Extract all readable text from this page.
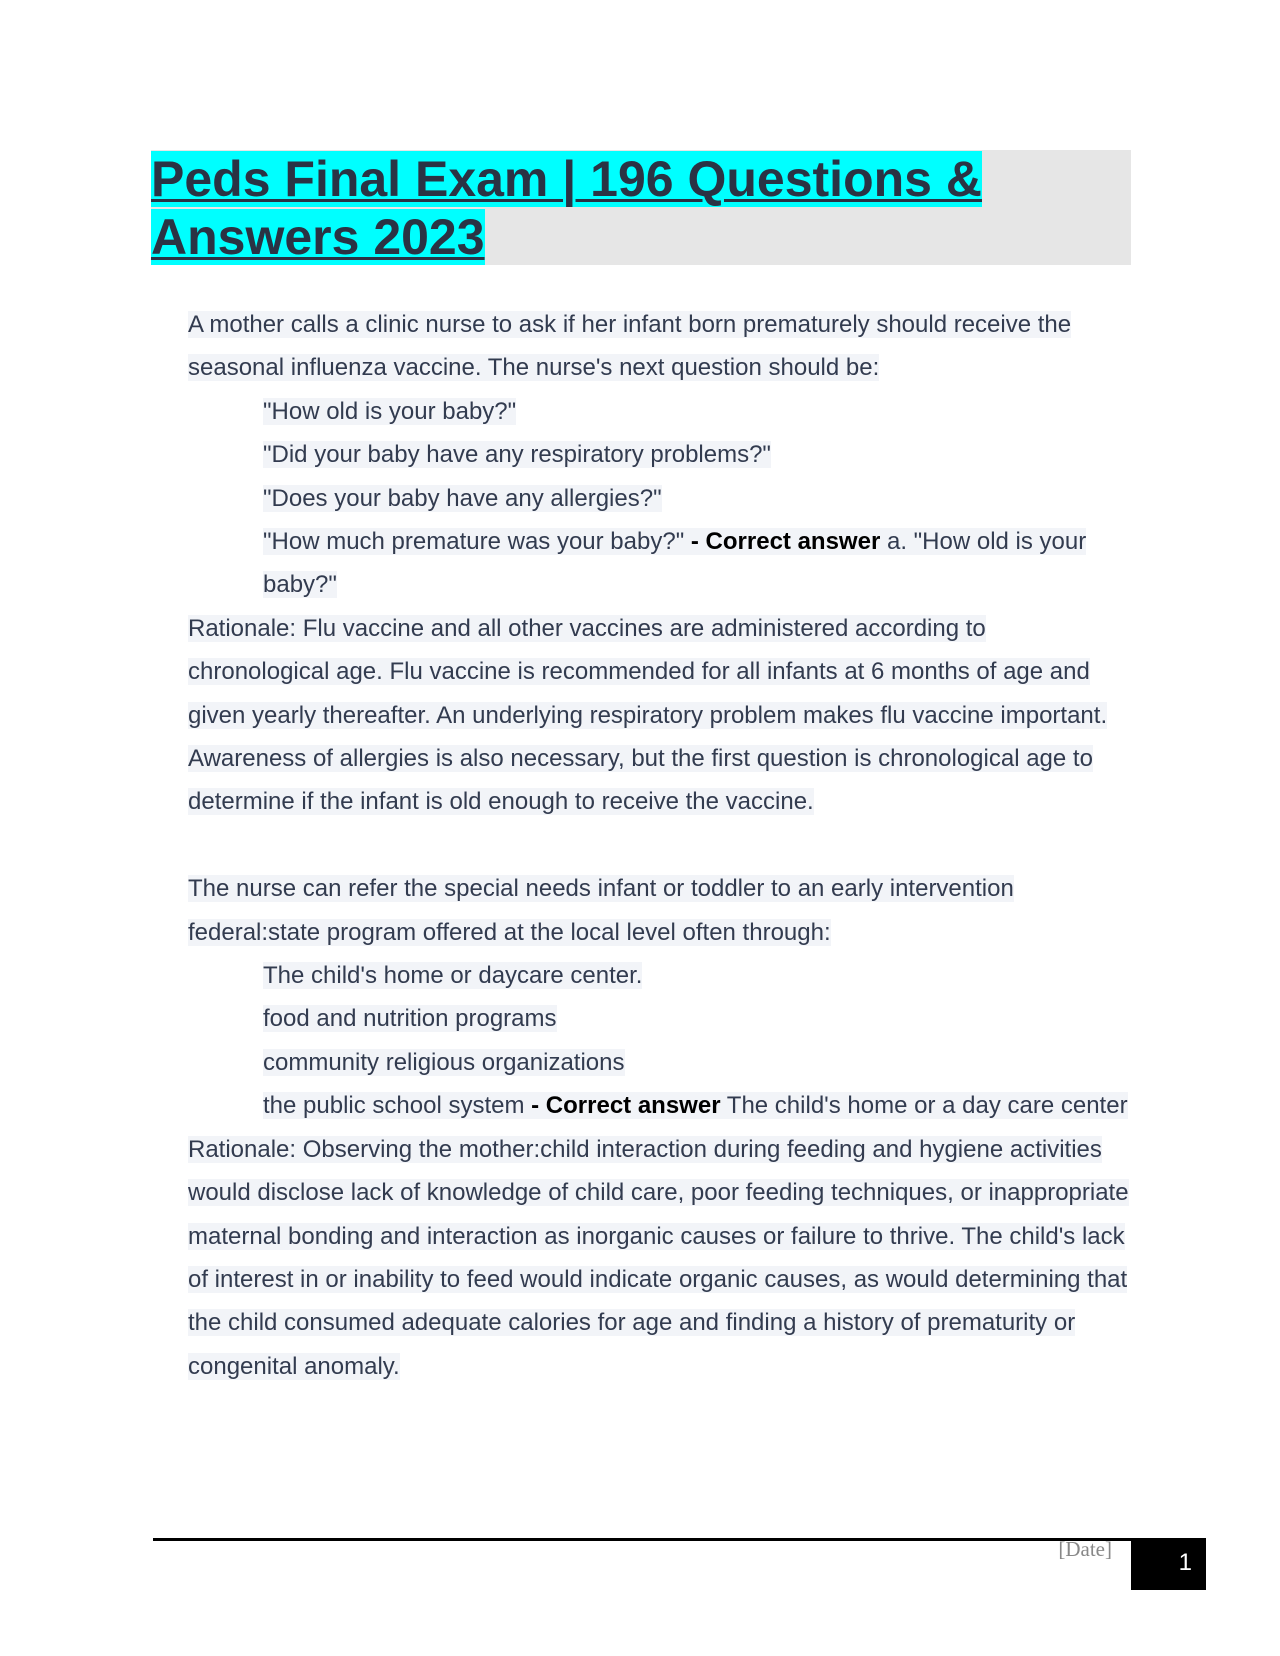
Peds Final Exam | 196 Questions &
Answers 2023

A mother calls a clinic nurse to ask if her infant born prematurely should receive the seasonal influenza vaccine. The nurse's next question should be:

"How old is your baby?"

"Did your baby have any respiratory problems?"

"Does your baby have any allergies?"

"How much premature was your baby?" - Correct answer a. "How old is your baby?"

Rationale: Flu vaccine and all other vaccines are administered according to chronological age. Flu vaccine is recommended for all infants at 6 months of age and given yearly thereafter. An underlying respiratory problem makes flu vaccine important. Awareness of allergies is also necessary, but the first question is chronological age to determine if the infant is old enough to receive the vaccine.

The nurse can refer the special needs infant or toddler to an early intervention federal:state program offered at the local level often through:

The child's home or daycare center.

food and nutrition programs

community religious organizations

the public school system - Correct answer The child's home or a day care center

Rationale: Observing the mother:child interaction during feeding and hygiene activities would disclose lack of knowledge of child care, poor feeding techniques, or inappropriate maternal bonding and interaction as inorganic causes or failure to thrive. The child's lack of interest in or inability to feed would indicate organic causes, as would determining that the child consumed adequate calories for age and finding a history of prematurity or congenital anomaly.

[Date]	1
